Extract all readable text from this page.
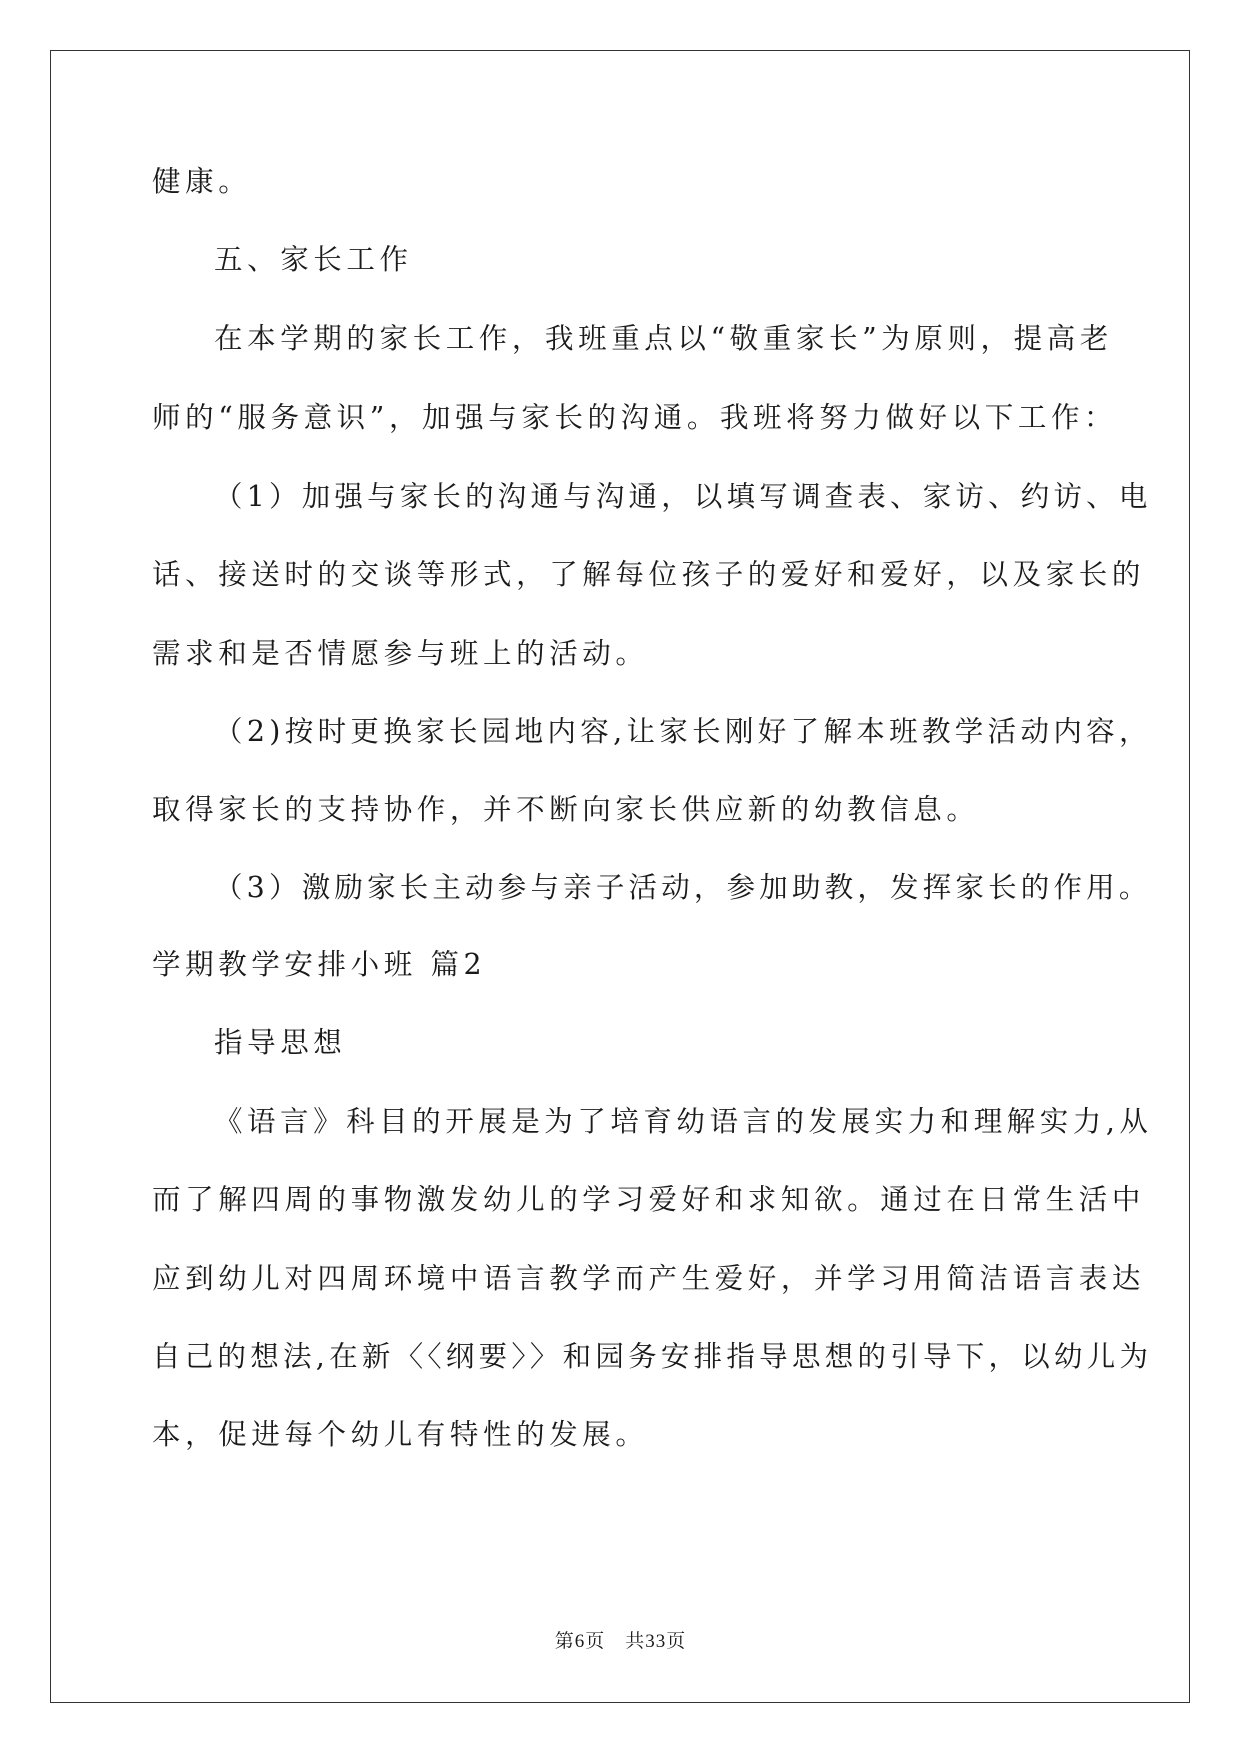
健康。
五、家长工作
在本学期的家长工作，我班重点以“敬重家长”为原则，提高老
师的“服务意识”，加强与家长的沟通。我班将努力做好以下工作：
（1）加强与家长的沟通与沟通，以填写调查表、家访、约访、电
话、接送时的交谈等形式，了解每位孩子的爱好和爱好，以及家长的
需求和是否情愿参与班上的活动。
（2)按时更换家长园地内容,让家长刚好了解本班教学活动内容，
取得家长的支持协作，并不断向家长供应新的幼教信息。
（3）激励家长主动参与亲子活动，参加助教，发挥家长的作用。
学期教学安排小班 篇2
指导思想
《语言》科目的开展是为了培育幼语言的发展实力和理解实力,从
而了解四周的事物激发幼儿的学习爱好和求知欲。通过在日常生活中
应到幼儿对四周环境中语言教学而产生爱好，并学习用简洁语言表达
自己的想法,在新〈〈纲要〉〉和园务安排指导思想的引导下，以幼儿为
本，促进每个幼儿有特性的发展。
第6页　共33页
